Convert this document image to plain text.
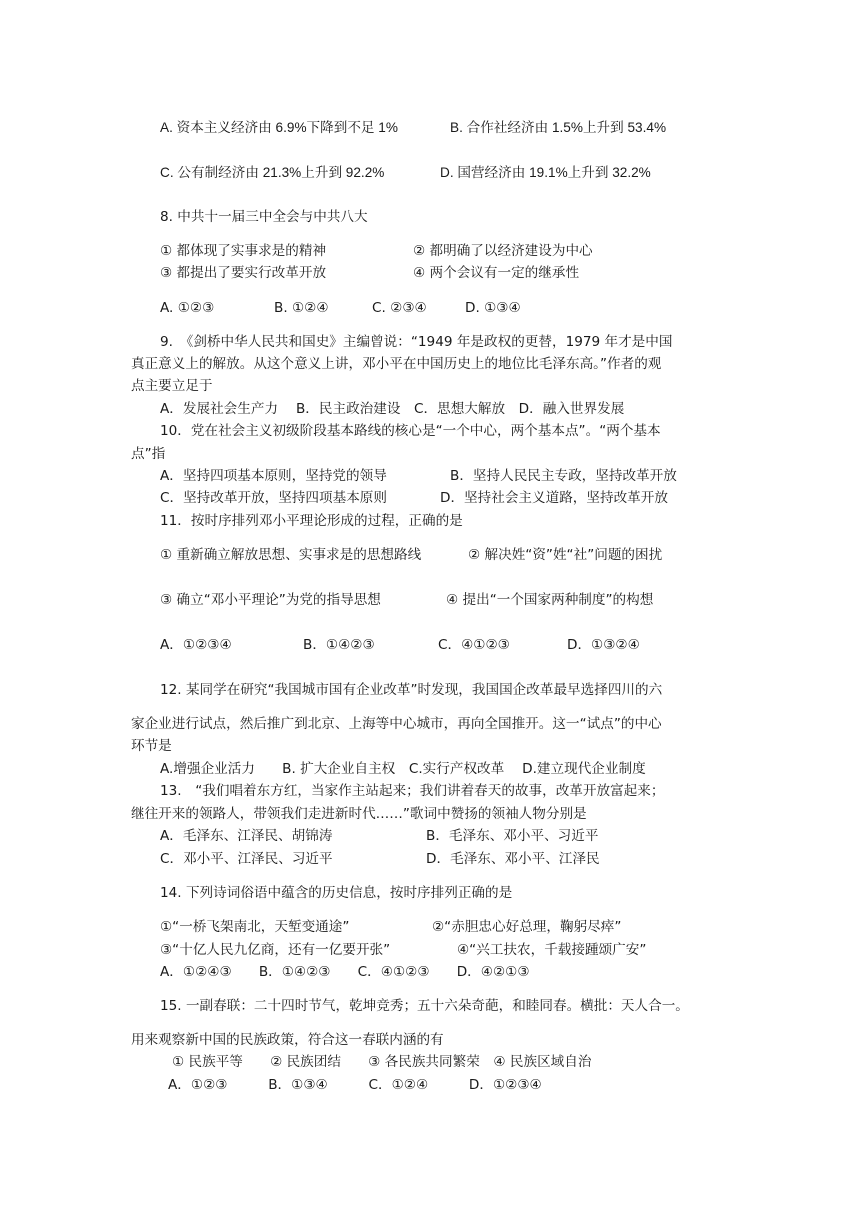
A. 资本主义经济由 6.9%下降到不足 1%	B. 合作社经济由 1.5%上升到 53.4%
C. 公有制经济由 21.3%上升到 92.2%	D. 国营经济由 19.1%上升到 32.2%
8. 中共十一届三中全会与中共八大
① 都体现了实事求是的精神	② 都明确了以经济建设为中心
③ 都提出了要实行改革开放	④ 两个会议有一定的继承性
A. ①②③	B. ①②④	C. ②③④	D. ①③④
9.　《剑桥中华人民共和国史》主编曾说：“1949 年是政权的更替，1979 年才是中国
真正意义上的解放。从这个意义上讲，邓小平在中国历史上的地位比毛泽东高。”作者的观
点主要立足于
A．发展社会生产力　 B．民主政治建设　C．思想大解放　D．融入世界发展
10．党在社会主义初级阶段基本路线的核心是“一个中心，两个基本点”。“两个基本
点”指
A．坚持四项基本原则，坚持党的领导	B．坚持人民民主专政，坚持改革开放
C．坚持改革开放，坚持四项基本原则	D．坚持社会主义道路，坚持改革开放
11．按时序排列邓小平理论形成的过程，正确的是
① 重新确立解放思想、实事求是的思想路线	② 解决姓“资”姓“社”问题的困扰
③ 确立“邓小平理论”为党的指导思想	④ 提出“一个国家两种制度”的构想
A．①②③④	B．①④②③	C．④①②③	D．①③②④
12. 某同学在研究“我国城市国有企业改革”时发现，我国国企改革最早选择四川的六
家企业进行试点，然后推广到北京、上海等中心城市，再向全国推开。这一“试点”的中心
环节是
A.增强企业活力　　B. 扩大企业自主权　C.实行产权改革　 D.建立现代企业制度
13.　“我们唱着东方红，当家作主站起来；我们讲着春天的故事，改革开放富起来；
继往开来的领路人，带领我们走进新时代……”歌词中赞扬的领袖人物分别是
A．毛泽东、江泽民、胡锦涛	B．毛泽东、邓小平、习近平
C．邓小平、江泽民、习近平	D．毛泽东、邓小平、江泽民
14. 下列诗词俗语中蕴含的历史信息，按时序排列正确的是
①“一桥飞架南北，天堑变通途”	②“赤胆忠心好总理，鞠躬尽瘁”
③“十亿人民九亿商，还有一亿要开张”	④“兴工扶农，千载接踵颂广安”
A．①②④③　　B．①④②③　　C．④①②③　　D．④②①③
15. 一副春联：二十四时节气，乾坤竞秀；五十六朵奇葩，和睦同春。横批：天人合一。
用来观察新中国的民族政策，符合这一春联内涵的有
① 民族平等　　② 民族团结　　③ 各民族共同繁荣　④ 民族区域自治
A．①②③　　　B．①③④　　　C．①②④　　　D．①②③④
